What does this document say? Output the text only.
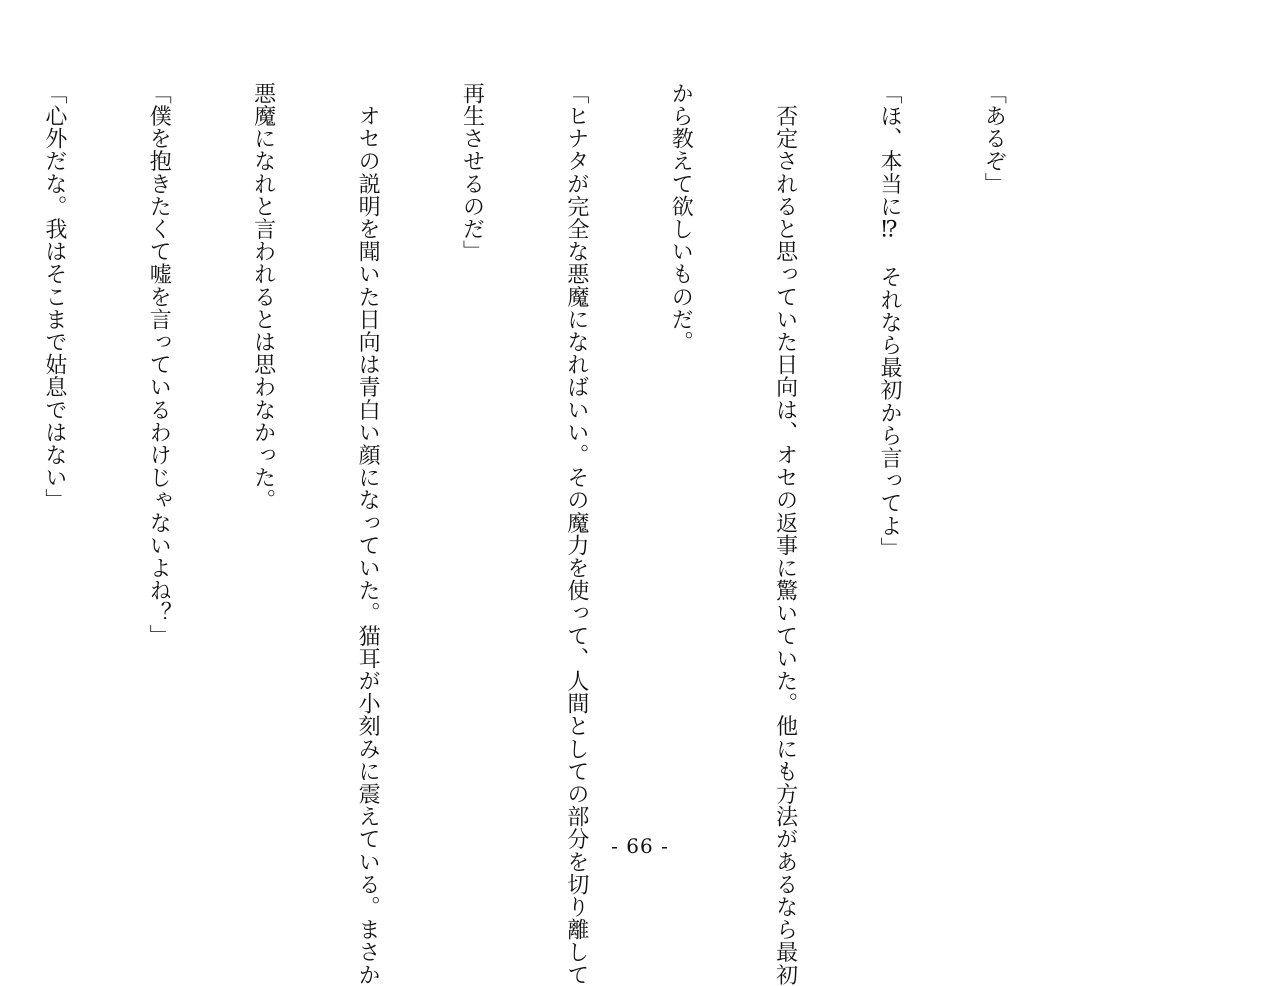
「あるぞ」

「ほ、本当に⁉　それなら最初から言ってよ」

　否定されると思っていた日向は、オセの返事に驚いていた。他にも方法があるなら最初

から教えて欲しいものだ。

「ヒナタが完全な悪魔になればいい。その魔力を使って、人間としての部分を切り離して

再生させるのだ」

　オセの説明を聞いた日向は青白い顔になっていた。猫耳が小刻みに震えている。まさか

悪魔になれと言われるとは思わなかった。

「僕を抱きたくて嘘を言っているわけじゃないよね？」

「心外だな。我はそこまで姑息ではない」

- 66 -
